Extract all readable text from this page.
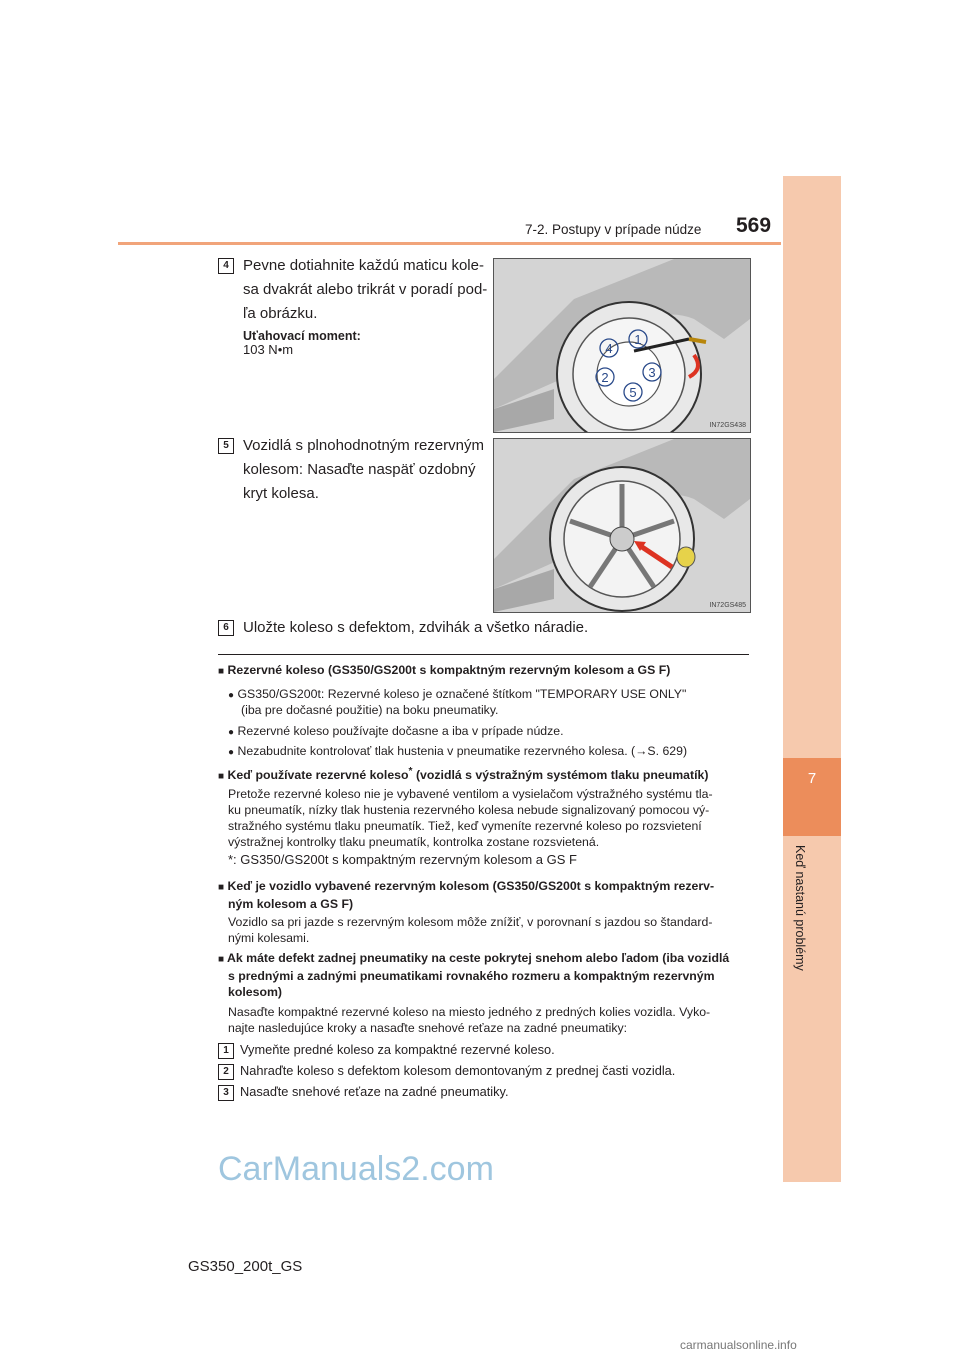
7
Keď nastanú problémy
7-2. Postupy v prípade núdze 569
4 Pevne dotiahnite každú maticu kole-
sa dvakrát alebo trikrát v poradí pod-
ľa obrázku.
Uťahovací moment:
103 N•m
1
2	3
4
5
IN72GS438
5 Vozidlá s plnohodnotným rezervným
kolesom: Nasaďte naspäť ozdobný
kryt kolesa.
IN72GS485
6 Uložte koleso s defektom, zdvihák a všetko náradie.
■ Rezervné koleso (GS350/GS200t s kompaktným rezervným kolesom a GS F)
● GS350/GS200t: Rezervné koleso je označené štítkom "TEMPORARY USE ONLY"
(iba pre dočasné použitie) na boku pneumatiky.
● Rezervné koleso používajte dočasne a iba v prípade núdze.
● Nezabudnite kontrolovať tlak hustenia v pneumatike rezervného kolesa. (→S. 629)
■ Keď používate rezervné koleso* (vozidlá s výstražným systémom tlaku pneumatík)
Pretože rezervné koleso nie je vybavené ventilom a vysielačom výstražného systému tla-
ku pneumatík, nízky tlak hustenia rezervného kolesa nebude signalizovaný pomocou vý-
stražného systému tlaku pneumatík. Tiež, keď vymeníte rezervné koleso po rozsvietení
výstražnej kontrolky tlaku pneumatík, kontrolka zostane rozsvietená.
*: GS350/GS200t s kompaktným rezervným kolesom a GS F
■ Keď je vozidlo vybavené rezervným kolesom (GS350/GS200t s kompaktným rezerv-
ným kolesom a GS F)
Vozidlo sa pri jazde s rezervným kolesom môže znížiť, v porovnaní s jazdou so štandard-
nými kolesami.
■ Ak máte defekt zadnej pneumatiky na ceste pokrytej snehom alebo ľadom (iba vozidlá
s prednými a zadnými pneumatikami rovnakého rozmeru a kompaktným rezervným
kolesom)
Nasaďte kompaktné rezervné koleso na miesto jedného z predných kolies vozidla. Vyko-
najte nasledujúce kroky a nasaďte snehové reťaze na zadné pneumatiky:
1 Vymeňte predné koleso za kompaktné rezervné koleso.
2 Nahraďte koleso s defektom kolesom demontovaným z prednej časti vozidla.
3 Nasaďte snehové reťaze na zadné pneumatiky.
CarManuals2.com
GS350_200t_GS
carmanualsonline.info
